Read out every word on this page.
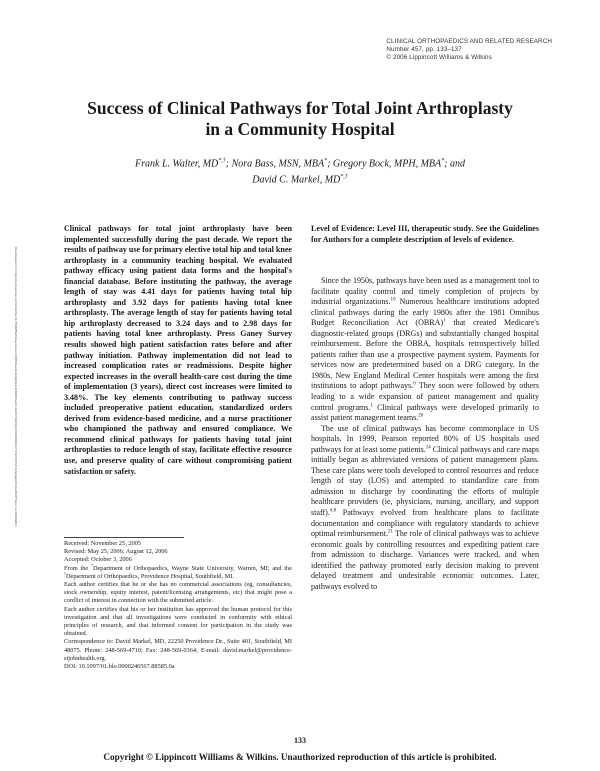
CLINICAL ORTHOPAEDICS AND RELATED RESEARCH
Number 457, pp. 133–137
© 2006 Lippincott Williams & Wilkins
Success of Clinical Pathways for Total Joint Arthroplasty
in a Community Hospital
Frank L. Walter, MD*,†; Nora Bass, MSN, MBA*; Gregory Bock, MPH, MBA*; and
David C. Markel, MD*,†
Downloaded from https://journals.lww.com/clinorthop by BhDMf5ePHKav1zEoum1tQfN4a+kJLhEZgbsIHo4XMi0hCywCX1AWnYQp/IlQrHD3i3D0OdRyi7TvSFl4Cf3VC1y0abggQZXdtwnfKZBYtws= on 02/28/2024

Clinical pathways for total joint arthroplasty have been implemented successfully during the past decade. We report the results of pathway use for primary elective total hip and total knee arthroplasty in a community teaching hospital. We evaluated pathway efficacy using patient data forms and the hospital's financial database. Before instituting the pathway, the average length of stay was 4.41 days for patients having total hip arthroplasty and 3.92 days for patients having total knee arthroplasty. The average length of stay for patients having total hip arthroplasty decreased to 3.24 days and to 2.98 days for patients having total knee arthroplasty. Press Ganey Survey results showed high patient satisfaction rates before and after pathway initiation. Pathway implementation did not lead to increased complication rates or readmissions. Despite higher expected increases in the overall health-care cost during the time of implementation (3 years), direct cost increases were limited to 3.48%. The key elements contributing to pathway success included preoperative patient education, standardized orders derived from evidence-based medicine, and a nurse practitioner who championed the pathway and ensured compliance. We recommend clinical pathways for patients having total joint arthroplasties to reduce length of stay, facilitate effective resource use, and preserve quality of care without compromising patient satisfaction or safety.

Level of Evidence: Level III, therapeutic study. See the Guidelines for Authors for a complete description of levels of evidence.

Since the 1950s, pathways have been used as a management tool to facilitate quality control and timely completion of projects by industrial organizations.$^{10}$ Numerous healthcare institutions adopted clinical pathways during the early 1980s after the 1981 Omnibus Budget Reconciliation Act (OBRA)$^1$ that created Medicare's diagnostic-related groups (DRGs) and substantially changed hospital reimbursement. Before the OBRA, hospitals retrospectively billed patients rather than use a prospective payment system. Payments for services now are predetermined based on a DRG category. In the 1980s, New England Medical Center hospitals were among the first institutions to adopt pathways.$^6$ They soon were followed by others leading to a wide expansion of patient management and quality control programs.$^1$ Clinical pathways were developed primarily to assist patient management teams.$^{20}$

The use of clinical pathways has become commonplace in US hospitals. In 1999, Pearson reported 80% of US hospitals used pathways for at least some patients.$^{14}$ Clinical pathways and care maps initially began as abbreviated versions of patient management plans. These care plans were tools developed to control resources and reduce length of stay (LOS) and attempted to standardize care from admission to discharge by coordinating the efforts of multiple healthcare providers (ie, physicians, nursing, ancillary, and support staff).$^{4,8}$ Pathways evolved from healthcare plans to facilitate documentation and compliance with regulatory standards to achieve optimal reimbursement.$^{21}$ The role of clinical pathways was to achieve economic goals by controlling resources and expediting patient care from admission to discharge. Variances were tracked, and when identified the pathway promoted early decision making to prevent delayed treatment and undesirable economic outcomes. Later, pathways evolved to

Received: November 25, 2005

Revised: May 25, 2006; August 12, 2006

Accepted: October 3, 2006

From the *Department of Orthopaedics, Wayne State University, Warren, MI; and the †Department of Orthopaedics, Providence Hospital, Southfield, MI.

Each author certifies that he or she has no commercial associations (eg, consultancies, stock ownership, equity interest, patent/licensing arrangements, etc) that might pose a conflict of interest in connection with the submitted article.

Each author certifies that his or her institution has approved the human protocol for this investigation and that all investigations were conducted in conformity with ethical principles of research, and that informed consent for participation in the study was obtained.

Correspondence to: David Markel, MD, 22250 Providence Dr., Suite 401, Southfield, MI 48075. Phone: 248-569-4710; Fax: 248-569-0364; E-mail: david.markel@providence-stjohnhealth.org.

DOI: 10.1097/01.blo.0000246567.88585.0a

133
Copyright © Lippincott Williams & Wilkins. Unauthorized reproduction of this article is prohibited.
